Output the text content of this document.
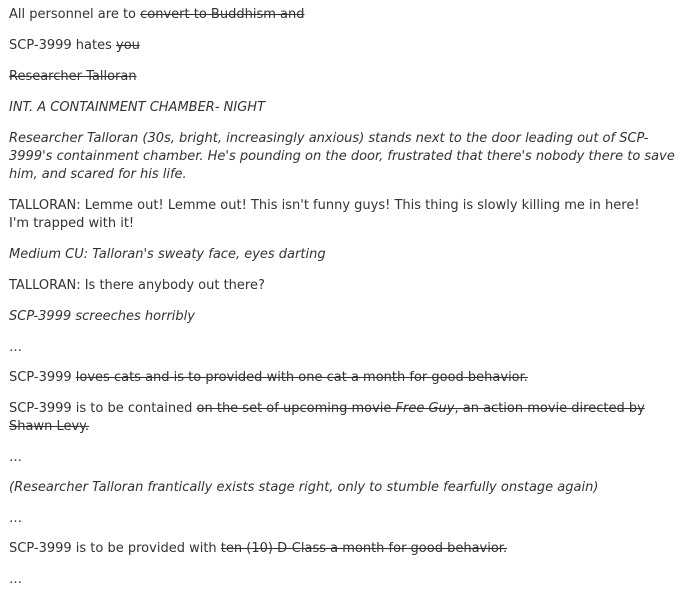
All personnel are to convert to Buddhism and
SCP-3999 hates you
Researcher Talloran
INT. A CONTAINMENT CHAMBER- NIGHT
Researcher Talloran (30s, bright, increasingly anxious) stands next to the door leading out of SCP-3999's containment chamber. He's pounding on the door, frustrated that there's nobody there to save him, and scared for his life.
TALLORAN: Lemme out! Lemme out! This isn't funny guys! This thing is slowly killing me in here!
I'm trapped with it!
Medium CU: Talloran's sweaty face, eyes darting
TALLORAN: Is there anybody out there?
SCP-3999 screeches horribly
…
SCP-3999 loves cats and is to provided with one cat a month for good behavior.
SCP-3999 is to be contained on the set of upcoming movie Free Guy, an action movie directed by Shawn Levy.
…
(Researcher Talloran frantically exists stage right, only to stumble fearfully onstage again)
…
SCP-3999 is to be provided with ten (10) D-Class a month for good behavior.
…
